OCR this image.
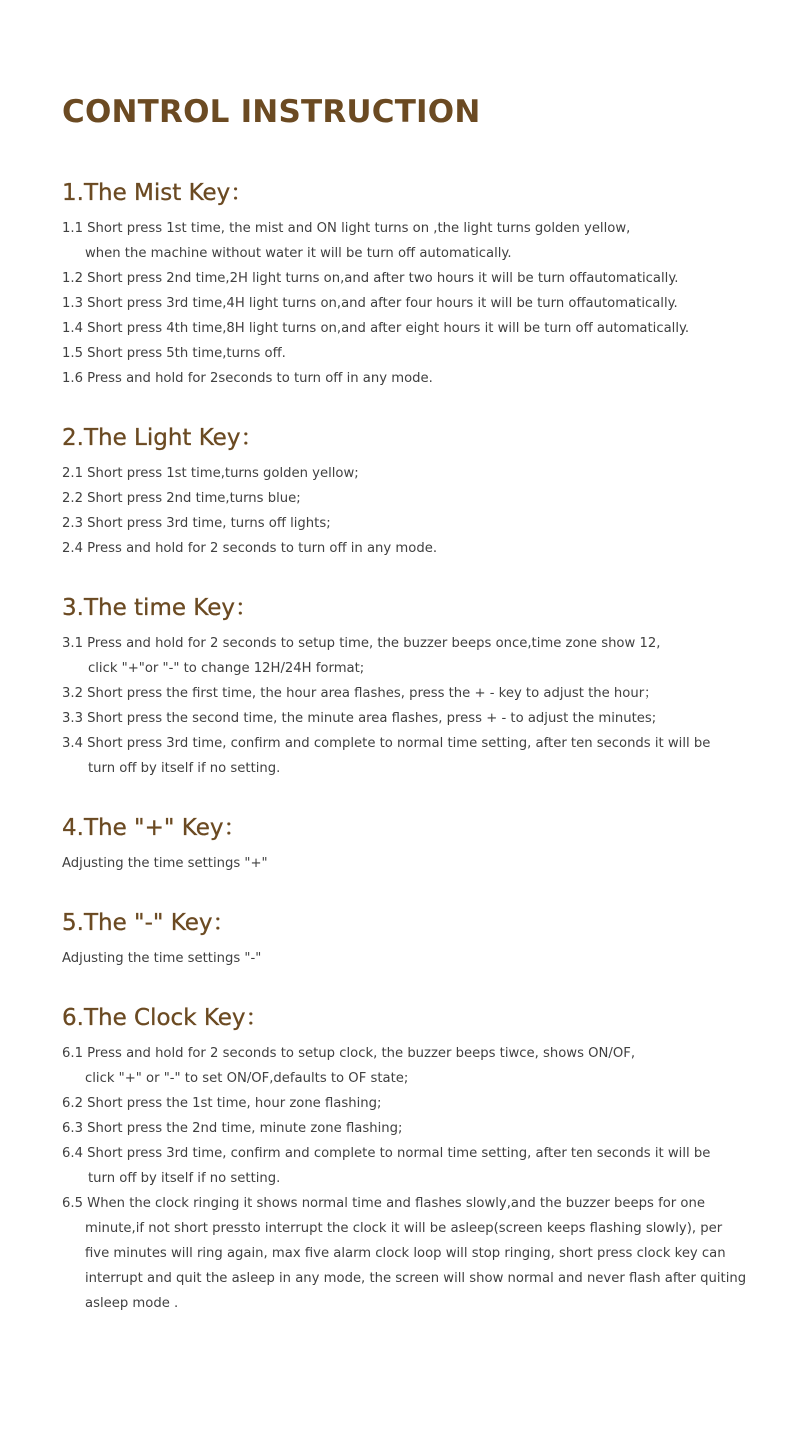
CONTROL INSTRUCTION
1.The Mist Key：
1.1 Short press 1st time, the mist and ON light turns on ,the light turns golden yellow,
when the machine without water it will be turn off automatically.
1.2 Short press 2nd time,2H light turns on,and after two hours it will be turn offautomatically.
1.3 Short press 3rd time,4H light turns on,and after four hours it will be turn offautomatically.
1.4 Short press 4th time,8H light turns on,and after eight hours it will be turn off automatically.
1.5 Short press 5th time,turns off.
1.6 Press and hold for 2seconds to turn off in any mode.
2.The Light Key：
2.1 Short press 1st time,turns golden yellow;
2.2 Short press 2nd time,turns blue;
2.3 Short press 3rd time, turns off lights;
2.4 Press and hold for 2 seconds to turn off in any mode.
3.The time Key：
3.1 Press and hold for 2 seconds to setup time, the buzzer beeps once,time zone show 12,
click "+"or "-" to change 12H/24H format;
3.2 Short press the first time, the hour area flashes, press the + - key to adjust the hour；
3.3 Short press the second time, the minute area flashes, press + - to adjust the minutes;
3.4 Short press 3rd time, confirm and complete to normal time setting, after ten seconds it will be
turn off by itself if no setting.
4.The "+" Key：
Adjusting the time settings "+"
5.The "-" Key：
Adjusting the time settings "-"
6.The Clock Key：
6.1 Press and hold for 2 seconds to setup clock, the buzzer beeps tiwce, shows ON/OF,
click "+" or "-" to set ON/OF,defaults to OF state;
6.2 Short press the 1st time, hour zone flashing;
6.3 Short press the 2nd time, minute zone flashing;
6.4 Short press 3rd time, confirm and complete to normal time setting, after ten seconds it will be
turn off by itself if no setting.
6.5 When the clock ringing it shows normal time and flashes slowly,and the buzzer beeps for one
minute,if not short pressto interrupt the clock it will be asleep(screen keeps flashing slowly), per
five minutes will ring again, max five alarm clock loop will stop ringing, short press clock key can
interrupt and quit the asleep in any mode, the screen will show normal and never flash after quiting
asleep mode .
